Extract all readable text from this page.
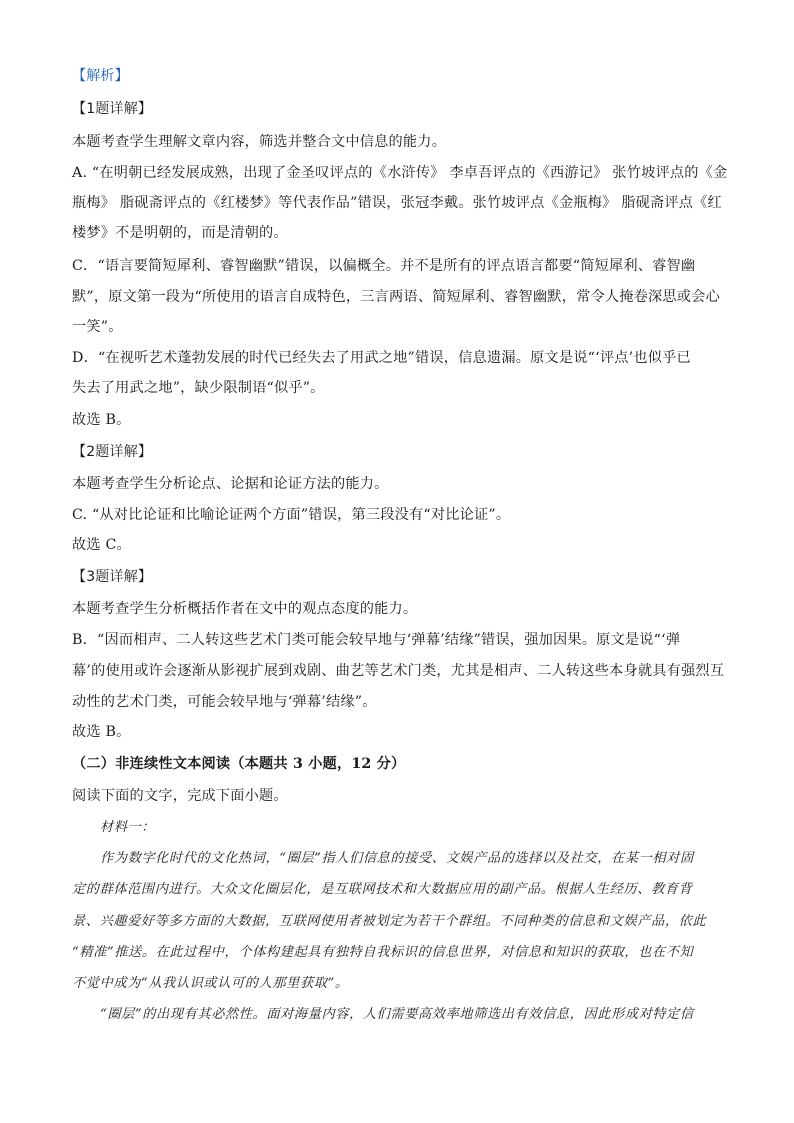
【解析】
【1题详解】
本题考查学生理解文章内容，筛选并整合文中信息的能力。
A. “在明朝已经发展成熟，出现了金圣叹评点的《水浒传》 李卓吾评点的《西游记》 张竹坡评点的《金
瓶梅》 脂砚斋评点的《红楼梦》等代表作品”错误，张冠李戴。张竹坡评点《金瓶梅》 脂砚斋评点《红
楼梦》不是明朝的，而是清朝的。
C．“语言要简短犀利、睿智幽默”错误，以偏概全。并不是所有的评点语言都要“简短犀利、睿智幽
默”，原文第一段为“所使用的语言自成特色，三言两语、简短犀利、睿智幽默，常令人掩卷深思或会心
一笑”。
D．“在视听艺术蓬勃发展的时代已经失去了用武之地”错误，信息遗漏。原文是说“‘评点’也似乎已
失去了用武之地”，缺少限制语“似乎”。
故选 B。
【2题详解】
本题考查学生分析论点、论据和论证方法的能力。
C. “从对比论证和比喻论证两个方面”错误，第三段没有“对比论证”。
故选 C。
【3题详解】
本题考查学生分析概括作者在文中的观点态度的能力。
B．“因而相声、二人转这些艺术门类可能会较早地与‘弹幕’结缘”错误，强加因果。原文是说“‘弹
幕’的使用或许会逐渐从影视扩展到戏剧、曲艺等艺术门类，尤其是相声、二人转这些本身就具有强烈互
动性的艺术门类，可能会较早地与‘弹幕’结缘”。
故选 B。
（二）非连续性文本阅读（本题共 3 小题，12 分）
阅读下面的文字，完成下面小题。
材料一：
作为数字化时代的文化热词，“圈层”指人们信息的接受、文娱产品的选择以及社交，在某一相对固
定的群体范围内进行。大众文化圈层化，是互联网技术和大数据应用的副产品。根据人生经历、教育背
景、兴趣爱好等多方面的大数据，互联网使用者被划定为若干个群组。不同种类的信息和文娱产品，依此
“精准”推送。在此过程中，个体构建起具有独特自我标识的信息世界，对信息和知识的获取，也在不知
不觉中成为“从我认识或认可的人那里获取”。
“圈层”的出现有其必然性。面对海量内容，人们需要高效率地筛选出有效信息，因此形成对特定信
